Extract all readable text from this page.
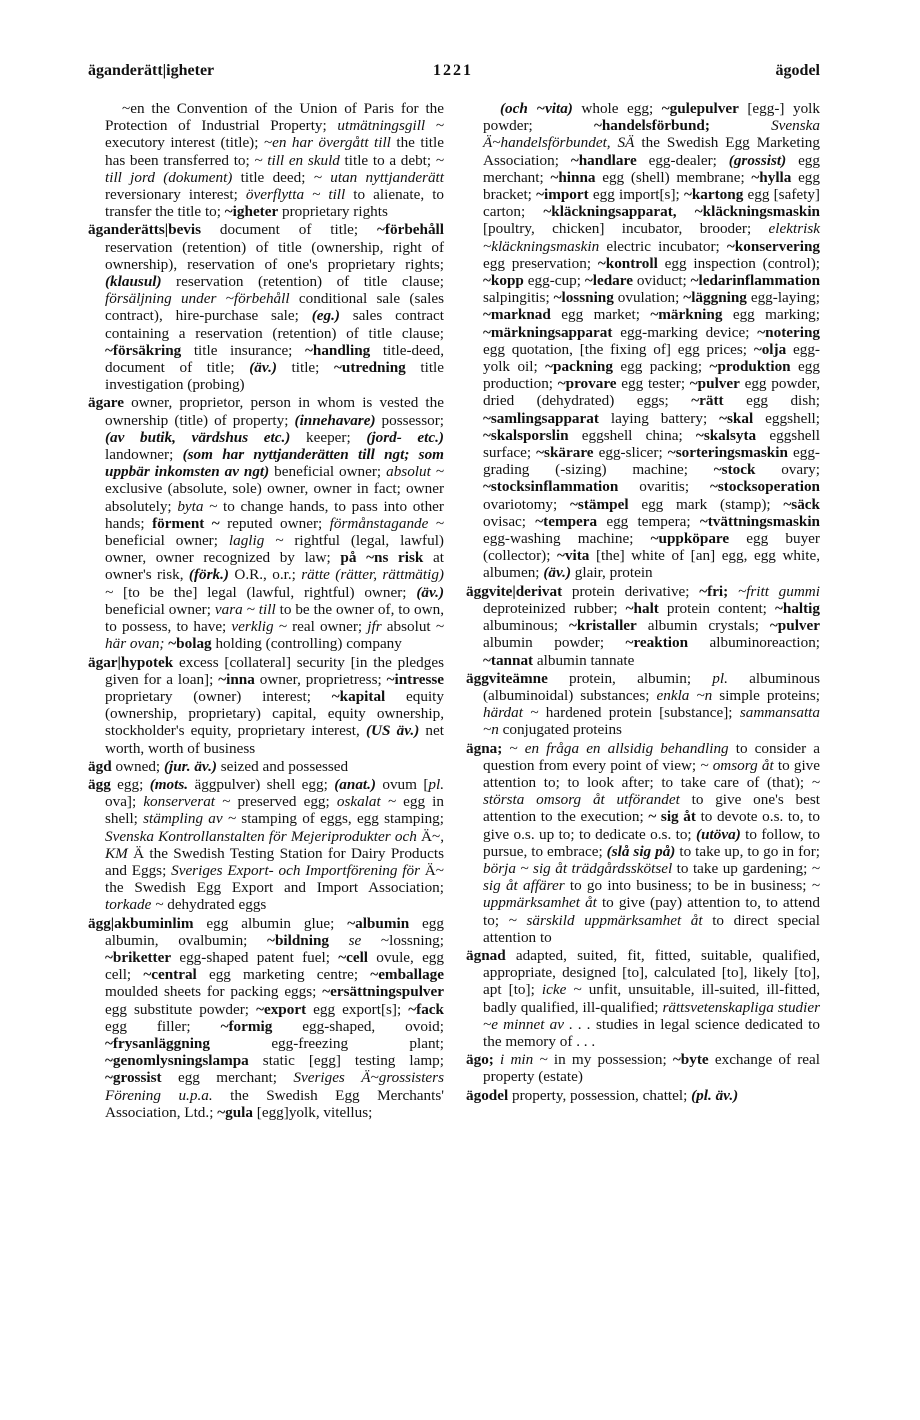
äganderätt|igheter	1221	ägodel

~en the Convention of the Union of Paris for the Protection of Industrial Property; utmätningsgill ~ executory interest (title); ~en har övergått till the title has been transferred to; ~ till en skuld title to a debt; ~ till jord (dokument) title deed; ~ utan nyttjanderätt reversionary interest; överflytta ~ till to alienate, to transfer the title to; ~igheter proprietary rights

äganderätts|bevis document of title; ~förbehåll reservation (retention) of title (ownership, right of ownership), reservation of one's proprietary rights; (klausul) reservation (retention) of title clause; försäljning under ~förbehåll conditional sale (sales contract), hire-purchase sale; (eg.) sales contract containing a reservation (retention) of title clause; ~försäkring title insurance; ~handling title-deed, document of title; (äv.) title; ~utredning title investigation (probing)

ägare owner, proprietor, person in whom is vested the ownership (title) of property; (innehavare) possessor; (av butik, värdshus etc.) keeper; (jord- etc.) landowner; (som har nyttjanderätten till ngt; som uppbär inkomsten av ngt) beneficial owner; absolut ~ exclusive (absolute, sole) owner, owner in fact; owner absolutely; byta ~ to change hands, to pass into other hands; förment ~ reputed owner; förmånstagande ~ beneficial owner; laglig ~ rightful (legal, lawful) owner, owner recognized by law; på ~ns risk at owner's risk, (förk.) O.R., o.r.; rätte (rätter, rättmätig) ~ [to be the] legal (lawful, rightful) owner; (äv.) beneficial owner; vara ~ till to be the owner of, to own, to possess, to have; verklig ~ real owner; jfr absolut ~ här ovan; ~bolag holding (controlling) company

ägar|hypotek excess [collateral] security [in the pledges given for a loan]; ~inna owner, proprietress; ~intresse proprietary (owner) interest; ~kapital equity (ownership, proprietary) capital, equity ownership, stockholder's equity, proprietary interest, (US äv.) net worth, worth of business

ägd owned; (jur. äv.) seized and possessed

ägg egg; (mots. äggpulver) shell egg; (anat.) ovum [pl. ova]; konserverat ~ preserved egg; oskalat ~ egg in shell; stämpling av ~ stamping of eggs, egg stamping; Svenska Kontrollanstalten för Mejeriprodukter och Ä~, KM Ä the Swedish Testing Station for Dairy Products and Eggs; Sveriges Export- och Importförening för Ä~ the Swedish Egg Export and Import Association; torkade ~ dehydrated eggs

ägg|akbuminlim egg albumin glue; ~albumin egg albumin, ovalbumin; ~bildning se ~lossning; ~briketter egg-shaped patent fuel; ~cell ovule, egg cell; ~central egg marketing centre; ~emballage moulded sheets for packing eggs; ~ersättningspulver egg substitute powder; ~export egg export[s]; ~fack egg filler; ~formig egg-shaped, ovoid; ~frysanläggning egg-freezing plant; ~genomlysningslampa static [egg] testing lamp; ~grossist egg merchant; Sveriges Ä~grossisters Förening u.p.a. the Swedish Egg Merchants' Association, Ltd.; ~gula [egg]yolk, vitellus;

(och ~vita) whole egg; ~gulepulver [egg-] yolk powder; ~handelsförbund;	Svenska Ä~handelsförbundet, SÄ the Swedish Egg Marketing Association; ~handlare egg-dealer; (grossist) egg merchant; ~hinna egg (shell) membrane; ~hylla egg bracket; ~import egg import[s]; ~kartong egg [safety] carton; ~kläckningsapparat, ~kläckningsmaskin [poultry, chicken] incubator, brooder; elektrisk ~kläckningsmaskin electric incubator; ~konservering egg preservation; ~kontroll egg inspection (control); ~kopp egg-cup; ~ledare oviduct; ~ledarinflammation salpingitis; ~lossning ovulation; ~läggning egg-laying; ~marknad egg market; ~märkning egg marking; ~märkningsapparat egg-marking device; ~notering egg quotation, [the fixing of] egg prices; ~olja egg-yolk oil; ~packning egg packing; ~produktion egg production; ~provare egg tester; ~pulver egg powder, dried (dehydrated) eggs; ~rätt egg dish; ~samlingsapparat laying battery; ~skal eggshell; ~skalsporslin eggshell china; ~skalsyta eggshell surface; ~skärare egg-slicer; ~sorteringsmaskin egg-grading (-sizing) machine; ~stock ovary; ~stocksinflammation ovaritis; ~stocksoperation ovariotomy; ~stämpel egg mark (stamp); ~säck ovisac; ~tempera egg tempera; ~tvättningsmaskin egg-washing machine; ~uppköpare egg buyer (collector); ~vita [the] white of [an] egg, egg white, albumen; (äv.) glair, protein

äggvite|derivat protein derivative; ~fri; ~fritt gummi deproteinized rubber; ~halt protein content; ~haltig albuminous; ~kristaller albumin crystals; ~pulver albumin powder; ~reaktion albuminoreaction; ~tannat albumin tannate

äggviteämne protein, albumin; pl. albuminous (albuminoidal) substances; enkla ~n simple proteins; härdat ~ hardened protein [substance]; sammansatta ~n conjugated proteins

ägna; ~ en fråga en allsidig behandling to consider a question from every point of view; ~ omsorg åt to give attention to; to look after; to take care of (that); ~ största omsorg åt utförandet to give one's best attention to the execution; ~ sig åt to devote o.s. to, to give o.s. up to; to dedicate o.s. to; (utöva) to follow, to pursue, to embrace; (slå sig på) to take up, to go in for; börja ~ sig åt trädgårdsskötsel to take up gardening; ~ sig åt affärer to go into business; to be in business; ~ uppmärksamhet åt to give (pay) attention to, to attend to; ~ särskild uppmärksamhet åt to direct special attention to

ägnad adapted, suited, fit, fitted, suitable, qualified, appropriate, designed [to], calculated [to], likely [to], apt [to]; icke ~ unfit, unsuitable, ill-suited, ill-fitted, badly qualified, ill-qualified; rättsvetenskapliga studier ~e minnet av . . . studies in legal science dedicated to the memory of . . .

ägo; i min ~ in my possession; ~byte exchange of real property (estate)

ägodel property, possession, chattel; (pl. äv.)
